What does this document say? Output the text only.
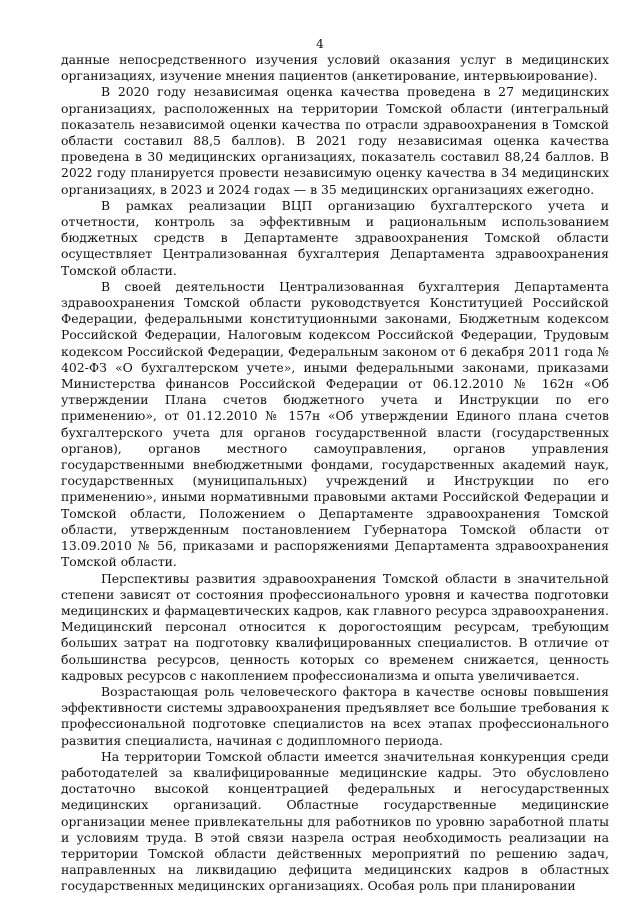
4

данные непосредственного изучения условий оказания услуг в медицинских организациях, изучение мнения пациентов (анкетирование, интервьюирование).

В 2020 году независимая оценка качества проведена в 27 медицинских организациях, расположенных на территории Томской области (интегральный показатель независимой оценки качества по отрасли здравоохранения в Томской области составил 88,5 баллов). В 2021 году независимая оценка качества проведена в 30 медицинских организациях, показатель составил 88,24 баллов. В 2022 году планируется провести независимую оценку качества в 34 медицинских организациях, в 2023 и 2024 годах — в 35 медицинских организациях ежегодно.

В рамках реализации ВЦП организацию бухгалтерского учета и отчетности, контроль за эффективным и рациональным использованием бюджетных средств в Департаменте здравоохранения Томской области осуществляет Централизованная бухгалтерия Департамента здравоохранения Томской области.

В своей деятельности Централизованная бухгалтерия Департамента здравоохранения Томской области руководствуется Конституцией Российской Федерации, федеральными конституционными законами, Бюджетным кодексом Российской Федерации, Налоговым кодексом Российской Федерации, Трудовым кодексом Российской Федерации, Федеральным законом от 6 декабря 2011 года № 402-ФЗ «О бухгалтерском учете», иными федеральными законами, приказами Министерства финансов Российской Федерации от 06.12.2010 № 162н «Об утверждении Плана счетов бюджетного учета и Инструкции по его применению», от 01.12.2010 № 157н «Об утверждении Единого плана счетов бухгалтерского учета для органов государственной власти (государственных органов), органов местного самоуправления, органов управления государственными внебюджетными фондами, государственных академий наук, государственных (муниципальных) учреждений и Инструкции по его применению», иными нормативными правовыми актами Российской Федерации и Томской области, Положением о Департаменте здравоохранения Томской области, утвержденным постановлением Губернатора Томской области от 13.09.2010 № 56, приказами и распоряжениями Департамента здравоохранения Томской области.

Перспективы развития здравоохранения Томской области в значительной степени зависят от состояния профессионального уровня и качества подготовки медицинских и фармацевтических кадров, как главного ресурса здравоохранения. Медицинский персонал относится к дорогостоящим ресурсам, требующим больших затрат на подготовку квалифицированных специалистов. В отличие от большинства ресурсов, ценность которых со временем снижается, ценность кадровых ресурсов с накоплением профессионализма и опыта увеличивается.

Возрастающая роль человеческого фактора в качестве основы повышения эффективности системы здравоохранения предъявляет все большие требования к профессиональной подготовке специалистов на всех этапах профессионального развития специалиста, начиная с додипломного периода.

На территории Томской области имеется значительная конкуренция среди работодателей за квалифицированные медицинские кадры. Это обусловлено достаточно высокой концентрацией федеральных и негосударственных медицинских организаций. Областные государственные медицинские организации менее привлекательны для работников по уровню заработной платы и условиям труда. В этой связи назрела острая необходимость реализации на территории Томской области действенных мероприятий по решению задач, направленных на ликвидацию дефицита медицинских кадров в областных государственных медицинских организациях. Особая роль при планировании
